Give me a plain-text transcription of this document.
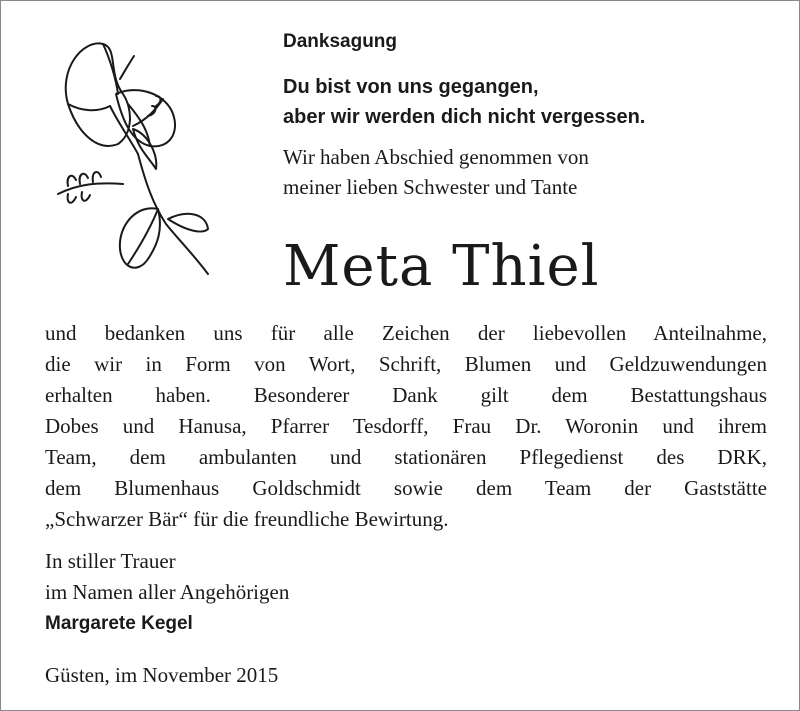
Danksagung
Du bist von uns gegangen,
aber wir werden dich nicht vergessen.
Wir haben Abschied genommen von
meiner lieben Schwester und Tante
Meta Thiel
und bedanken uns für alle Zeichen der liebevollen Anteilnahme,
die wir in Form von Wort, Schrift, Blumen und Geldzuwendungen
erhalten haben. Besonderer Dank gilt dem Bestattungshaus
Dobes und Hanusa, Pfarrer Tesdorff, Frau Dr. Woronin und ihrem
Team, dem ambulanten und stationären Pflegedienst des DRK,
dem Blumenhaus Goldschmidt sowie dem Team der Gaststätte
„Schwarzer Bär“ für die freundliche Bewirtung.
In stiller Trauer
im Namen aller Angehörigen
Margarete Kegel
Güsten, im November 2015
